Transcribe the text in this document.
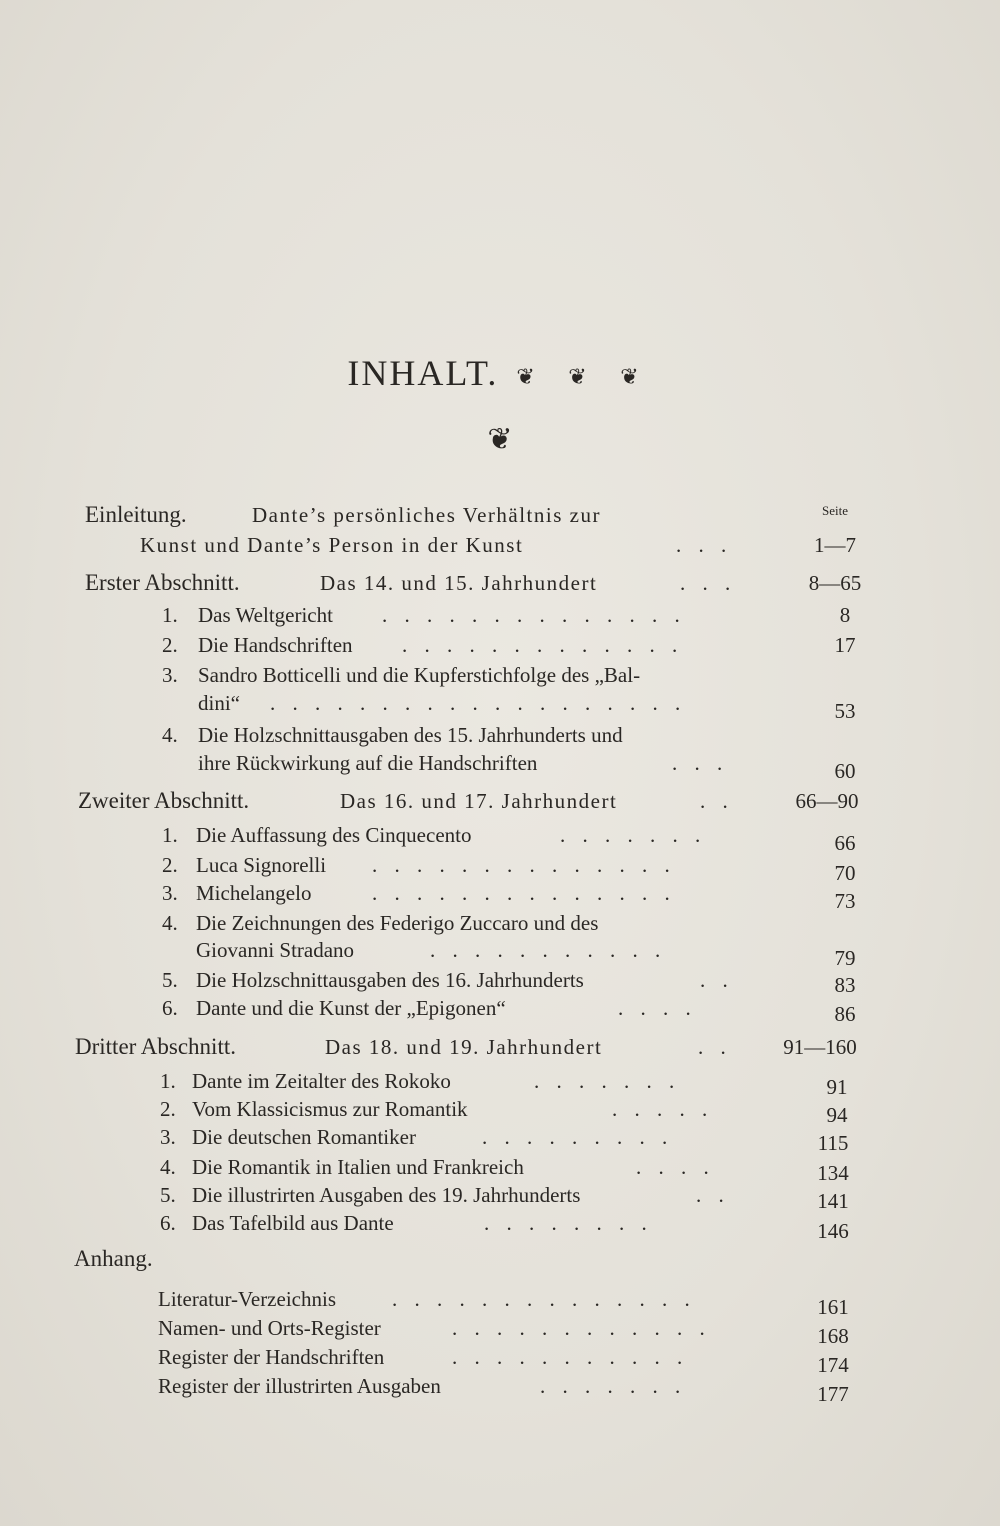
INHALT. ❦ ❦ ❦
❦
Seite
Einleitung.	Dante’s persönliches Verhältnis zur
Kunst und Dante’s Person in der Kunst	. . .	1—7
Erster Abschnitt.	Das 14. und 15. Jahrhundert	. . .	8—65
1. Das Weltgericht . . . . . . . . . . . . . .	8
2. Die Handschriften . . . . . . . . . . . . .	17
3. Sandro Botticelli und die Kupferstichfolge des „Bal-
dini“ . . . . . . . . . . . . . . . . . . .	53
4. Die Holzschnittausgaben des 15. Jahrhunderts und
ihre Rückwirkung auf die Handschriften	. . .	60
Zweiter Abschnitt.	Das 16. und 17. Jahrhundert	. .	66—90
1. Die Auffassung des Cinquecento	. . . . . . .	66
2. Luca Signorelli . . . . . . . . . . . . . .	70
3. Michelangelo	. . . . . . . . . . . . . .	73
4. Die Zeichnungen des Federigo Zuccaro und des
Giovanni Stradano	. . . . . . . . . . .	79
5. Die Holzschnittausgaben des 16. Jahrhunderts	. .	83
6. Dante und die Kunst der „Epigonen“	. . . .	86
Dritter Abschnitt.	Das 18. und 19. Jahrhundert	. .	91—160
1. Dante im Zeitalter des Rokoko	. . . . . . .	91
2. Vom Klassicismus zur Romantik	. . . . .	94
3. Die deutschen Romantiker	. . . . . . . . .	115
4. Die Romantik in Italien und Frankreich	. . . .	134
5. Die illustrirten Ausgaben des 19. Jahrhunderts	. .	141
6. Das Tafelbild aus Dante	. . . . . . . .	146
Anhang.
Literatur-Verzeichnis	. . . . . . . . . . . . . .	161
Namen- und Orts-Register	. . . . . . . . . . . .	168
Register der Handschriften	. . . . . . . . . . .	174
Register der illustrirten Ausgaben	. . . . . . .	177
